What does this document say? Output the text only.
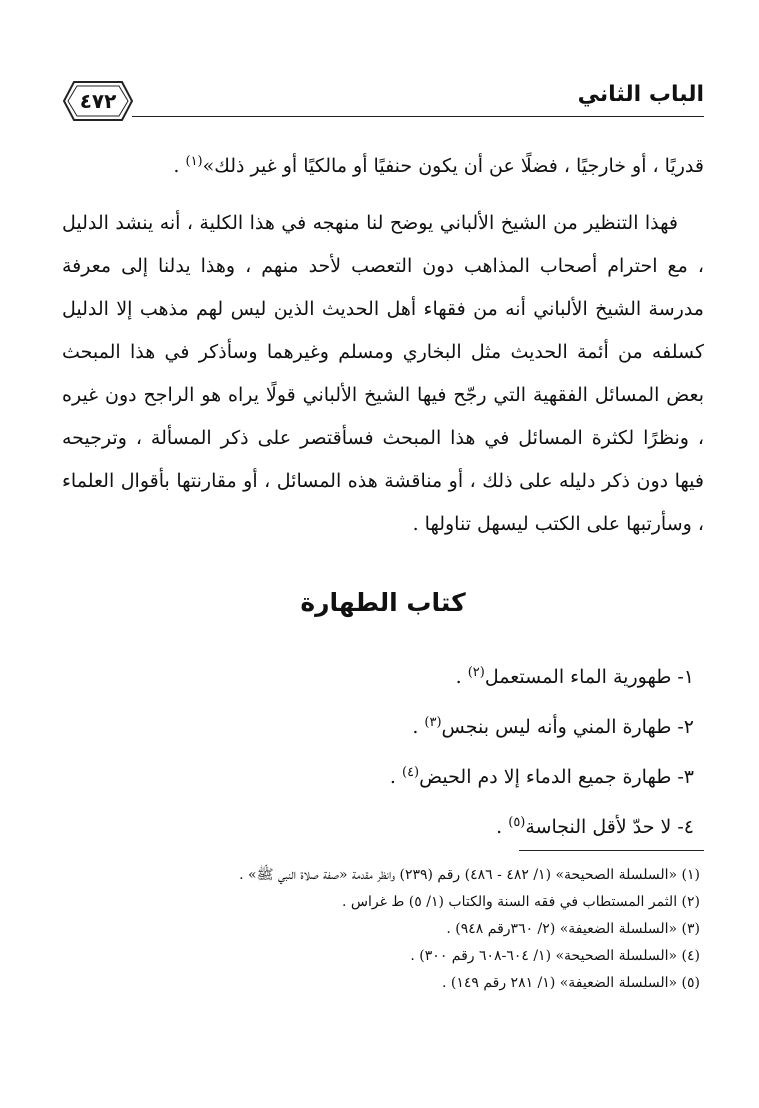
٤٧٢	الباب الثاني

قدريًا ، أو خارجيًا ، فضلًا عن أن يكون حنفيًا أو مالكيًا أو غير ذلك»$^{(١)}$ .

فهذا التنظير من الشيخ الألباني يوضح لنا منهجه في هذا الكلية ، أنه ينشد الدليل ، مع احترام أصحاب المذاهب دون التعصب لأحد منهم ، وهذا يدلنا إلى معرفة مدرسة الشيخ الألباني أنه من فقهاء أهل الحديث الذين ليس لهم مذهب إلا الدليل كسلفه من أئمة الحديث مثل البخاري ومسلم وغيرهما وسأذكر في هذا المبحث بعض المسائل الفقهية التي رجّح فيها الشيخ الألباني قولًا يراه هو الراجح دون غيره ، ونظرًا لكثرة المسائل في هذا المبحث فسأقتصر على ذكر المسألة ، وترجيحه فيها دون ذكر دليله على ذلك ، أو مناقشة هذه المسائل ، أو مقارنتها بأقوال العلماء ، وسأرتبها على الكتب ليسهل تناولها .

كتاب الطهارة
١- طهورية الماء المستعمل$^{(٢)}$ .
٢- طهارة المني وأنه ليس بنجس$^{(٣)}$ .
٣- طهارة جميع الدماء إلا دم الحيض$^{(٤)}$ .
٤- لا حدّ لأقل النجاسة$^{(٥)}$ .
(١) «السلسلة الصحيحة» (١/ ٤٨٢ - ٤٨٦) رقم (٢٣٩) وانظر مقدمة «صفة صلاة النبي ﷺ» .
(٢) الثمر المستطاب في فقه السنة والكتاب (١/ ٥) ط غراس .
(٣) «السلسلة الضعيفة» (٢/ ٣٦٠رقم ٩٤٨) .
(٤) «السلسلة الصحيحة» (١/ ٦٠٤-٦٠٨ رقم ٣٠٠) .
(٥) «السلسلة الضعيفة» (١/ ٢٨١ رقم ١٤٩) .
